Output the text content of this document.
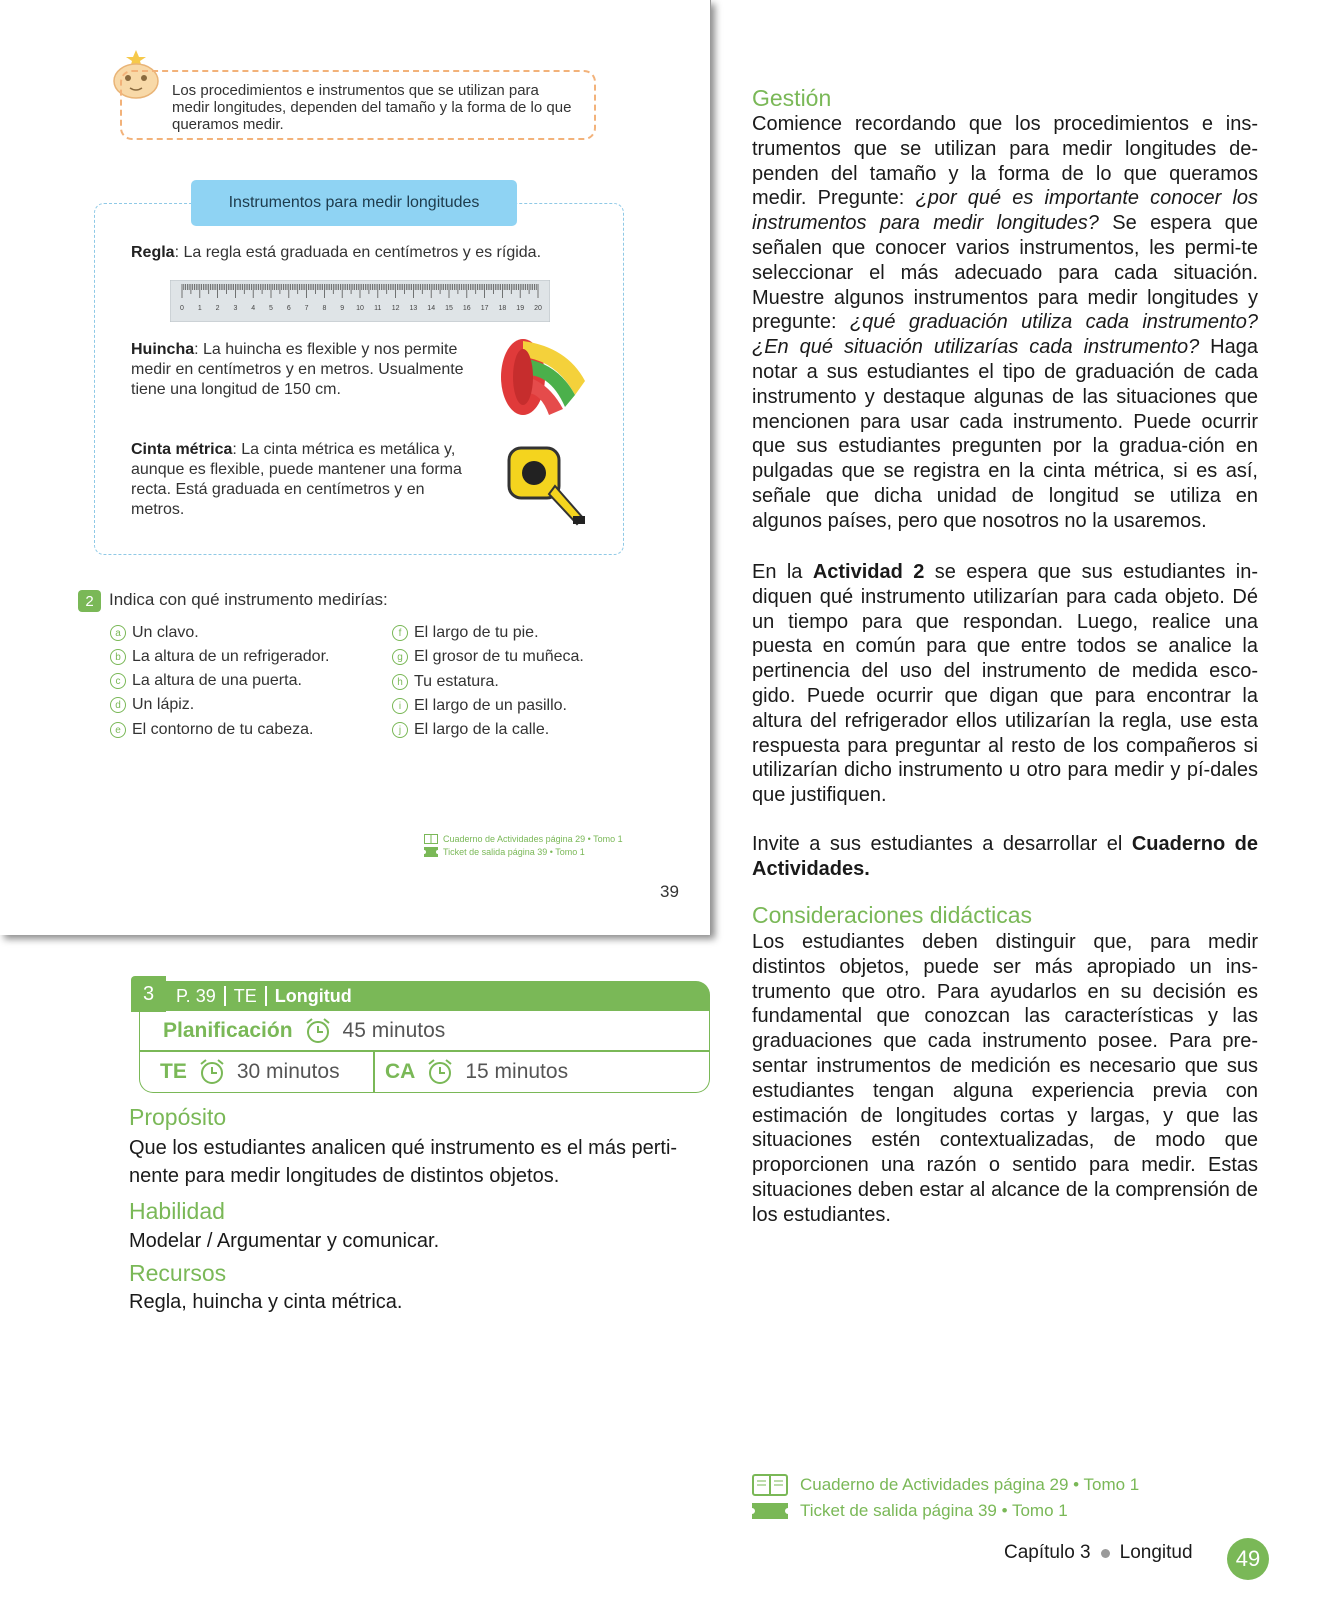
Los procedimientos e instrumentos que se utilizan para medir longitudes, dependen del tamaño y la forma de lo que queramos medir.
Instrumentos para medir longitudes
Regla: La regla está graduada en centímetros y es rígida.
0 1 2 3 4 5 6 7 8 9 10 11 12 13 14 15 16 17 18 19 20
Huincha: La huincha es flexible y nos permite medir en centímetros y en metros. Usualmente tiene una longitud de 150 cm.
Cinta métrica: La cinta métrica es metálica y, aunque es flexible, puede mantener una forma recta. Está graduada en centímetros y en metros.
2 Indica con qué instrumento medirías:
a Un clavo.
b La altura de un refrigerador.
c La altura de una puerta.
d Un lápiz.
e El contorno de tu cabeza.
f El largo de tu pie.
g El grosor de tu muñeca.
h Tu estatura.
i El largo de un pasillo.
j El largo de la calle.
Cuaderno de Actividades página 29 • Tomo 1
Ticket de salida página 39 • Tomo 1
39
3	P. 39 TE Longitud
Planificación 45 minutos
TE 30 minutos CA 15 minutos
Propósito
Que los estudiantes analicen qué instrumento es el más perti-nente para medir longitudes de distintos objetos.
Habilidad
Modelar / Argumentar y comunicar.
Recursos
Regla, huincha y cinta métrica.
Gestión
Comience recordando que los procedimientos e ins-trumentos que se utilizan para medir longitudes de-penden del tamaño y la forma de lo que queramos medir. Pregunte: ¿por qué es importante conocer los instrumentos para medir longitudes? Se espera que señalen que conocer varios instrumentos, les permi-te seleccionar el más adecuado para cada situación. Muestre algunos instrumentos para medir longitudes y pregunte: ¿qué graduación utiliza cada instrumento? ¿En qué situación utilizarías cada instrumento? Haga notar a sus estudiantes el tipo de graduación de cada instrumento y destaque algunas de las situaciones que mencionen para usar cada instrumento. Puede ocurrir que sus estudiantes pregunten por la gradua-ción en pulgadas que se registra en la cinta métrica, si es así, señale que dicha unidad de longitud se utiliza en algunos países, pero que nosotros no la usaremos.
En la Actividad 2 se espera que sus estudiantes in-diquen qué instrumento utilizarían para cada objeto. Dé un tiempo para que respondan. Luego, realice una puesta en común para que entre todos se analice la pertinencia del uso del instrumento de medida esco-gido. Puede ocurrir que digan que para encontrar la altura del refrigerador ellos utilizarían la regla, use esta respuesta para preguntar al resto de los compañeros si utilizarían dicho instrumento u otro para medir y pí-dales que justifiquen.
Invite a sus estudiantes a desarrollar el Cuaderno de Actividades.
Consideraciones didácticas
Los estudiantes deben distinguir que, para medir distintos objetos, puede ser más apropiado un ins-trumento que otro. Para ayudarlos en su decisión es fundamental que conozcan las características y las graduaciones que cada instrumento posee. Para pre-sentar instrumentos de medición es necesario que sus estudiantes tengan alguna experiencia previa con estimación de longitudes cortas y largas, y que las situaciones estén contextualizadas, de modo que proporcionen una razón o sentido para medir. Estas situaciones deben estar al alcance de la comprensión de los estudiantes.
Cuaderno de Actividades página 29 • Tomo 1
Ticket de salida página 39 • Tomo 1
Capítulo 3 Longitud	49
